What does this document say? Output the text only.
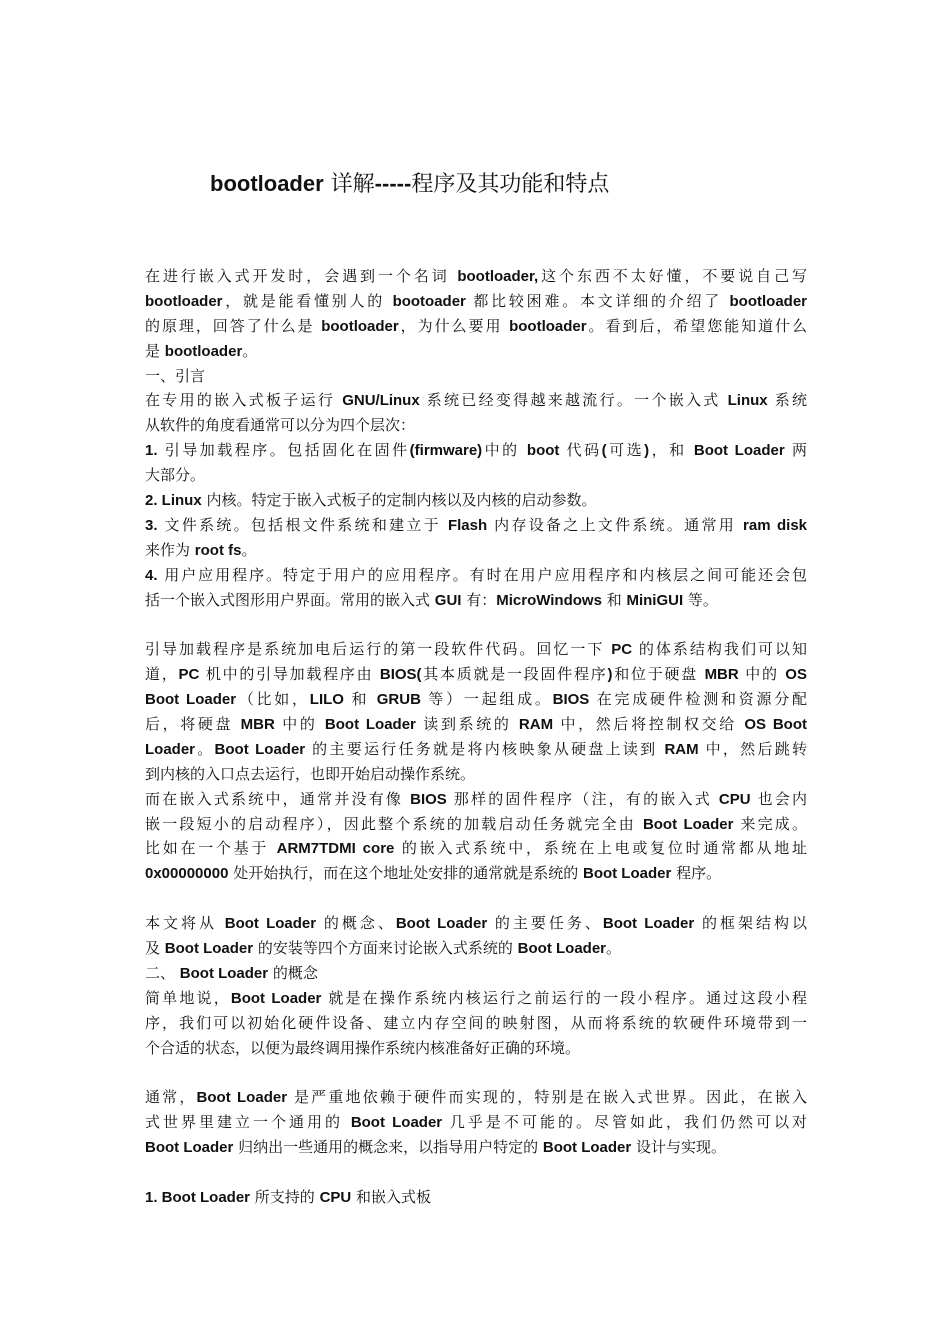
bootloader 详解-----程序及其功能和特点
在进行嵌入式开发时，会遇到一个名词 bootloader,这个东西不太好懂，不要说自己写
bootloader，就是能看懂别人的 bootoader 都比较困难。本文详细的介绍了 bootloader
的原理，回答了什么是 bootloader，为什么要用 bootloader。看到后，希望您能知道什么
是 bootloader。
一、引言
在专用的嵌入式板子运行 GNU/Linux 系统已经变得越来越流行。一个嵌入式 Linux 系统
从软件的角度看通常可以分为四个层次：
1. 引导加载程序。包括固化在固件(firmware)中的 boot 代码(可选)，和 Boot Loader 两
大部分。
2. Linux 内核。特定于嵌入式板子的定制内核以及内核的启动参数。
3. 文件系统。包括根文件系统和建立于 Flash 内存设备之上文件系统。通常用 ram disk
来作为 root fs。
4. 用户应用程序。特定于用户的应用程序。有时在用户应用程序和内核层之间可能还会包
括一个嵌入式图形用户界面。常用的嵌入式 GUI 有：MicroWindows 和 MiniGUI 等。
引导加载程序是系统加电后运行的第一段软件代码。回忆一下 PC 的体系结构我们可以知
道，PC 机中的引导加载程序由 BIOS(其本质就是一段固件程序)和位于硬盘 MBR 中的 OS
Boot Loader（比如，LILO 和 GRUB 等）一起组成。BIOS 在完成硬件检测和资源分配
后，将硬盘 MBR 中的 Boot Loader 读到系统的 RAM 中，然后将控制权交给 OS Boot
Loader。Boot Loader 的主要运行任务就是将内核映象从硬盘上读到 RAM 中，然后跳转
到内核的入口点去运行，也即开始启动操作系统。
而在嵌入式系统中，通常并没有像 BIOS 那样的固件程序（注，有的嵌入式 CPU 也会内
嵌一段短小的启动程序），因此整个系统的加载启动任务就完全由 Boot Loader 来完成。
比如在一个基于 ARM7TDMI core 的嵌入式系统中，系统在上电或复位时通常都从地址
0x00000000 处开始执行，而在这个地址处安排的通常就是系统的 Boot Loader 程序。
本文将从 Boot Loader 的概念、Boot Loader 的主要任务、Boot Loader 的框架结构以
及 Boot Loader 的安装等四个方面来讨论嵌入式系统的 Boot Loader。
二、 Boot Loader 的概念
简单地说，Boot Loader 就是在操作系统内核运行之前运行的一段小程序。通过这段小程
序，我们可以初始化硬件设备、建立内存空间的映射图，从而将系统的软硬件环境带到一
个合适的状态，以便为最终调用操作系统内核准备好正确的环境。
通常，Boot Loader 是严重地依赖于硬件而实现的，特别是在嵌入式世界。因此，在嵌入
式世界里建立一个通用的 Boot Loader 几乎是不可能的。尽管如此，我们仍然可以对
Boot Loader 归纳出一些通用的概念来，以指导用户特定的 Boot Loader 设计与实现。
1. Boot Loader 所支持的 CPU 和嵌入式板
